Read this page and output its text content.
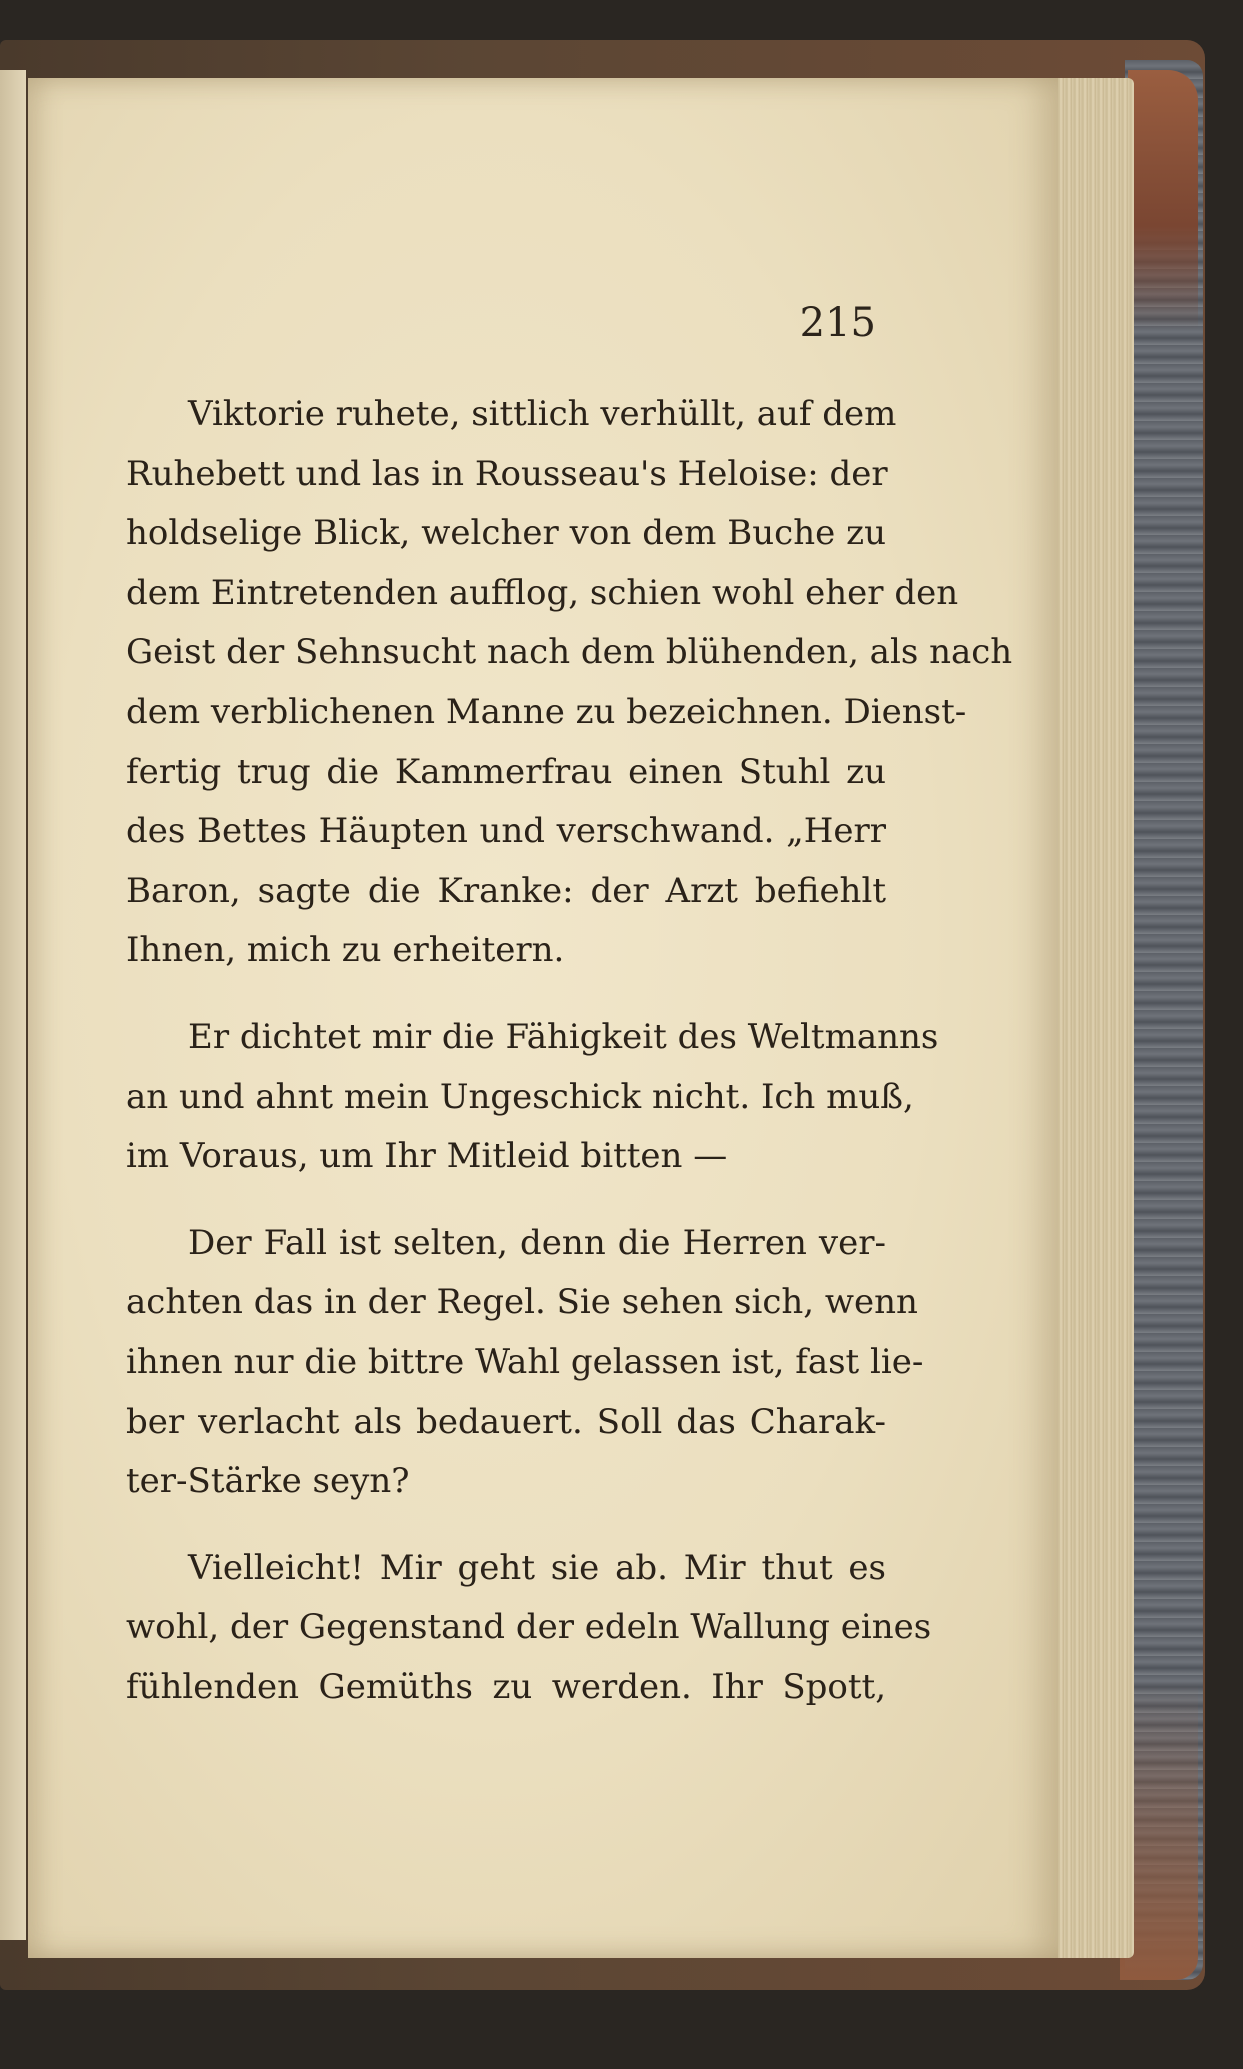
215

Viktorie ruhete, sittlich verhüllt, auf dem
Ruhebett und las in Rousseau's Heloise: der
holdselige Blick, welcher von dem Buche zu
dem Eintretenden aufflog, schien wohl eher den
Geist der Sehnsucht nach dem blühenden, als nach
dem verblichenen Manne zu bezeichnen. Dienst-
fertig trug die Kammerfrau einen Stuhl zu
des Bettes Häupten und verschwand. „Herr
Baron, sagte die Kranke: der Arzt befiehlt
Ihnen, mich zu erheitern.

Er dichtet mir die Fähigkeit des Weltmanns
an und ahnt mein Ungeschick nicht. Ich muß,
im Voraus, um Ihr Mitleid bitten —

Der Fall ist selten, denn die Herren ver-
achten das in der Regel. Sie sehen sich, wenn
ihnen nur die bittre Wahl gelassen ist, fast lie-
ber verlacht als bedauert. Soll das Charak-
ter-Stärke seyn?

Vielleicht! Mir geht sie ab. Mir thut es
wohl, der Gegenstand der edeln Wallung eines
fühlenden Gemüths zu werden. Ihr Spott,
